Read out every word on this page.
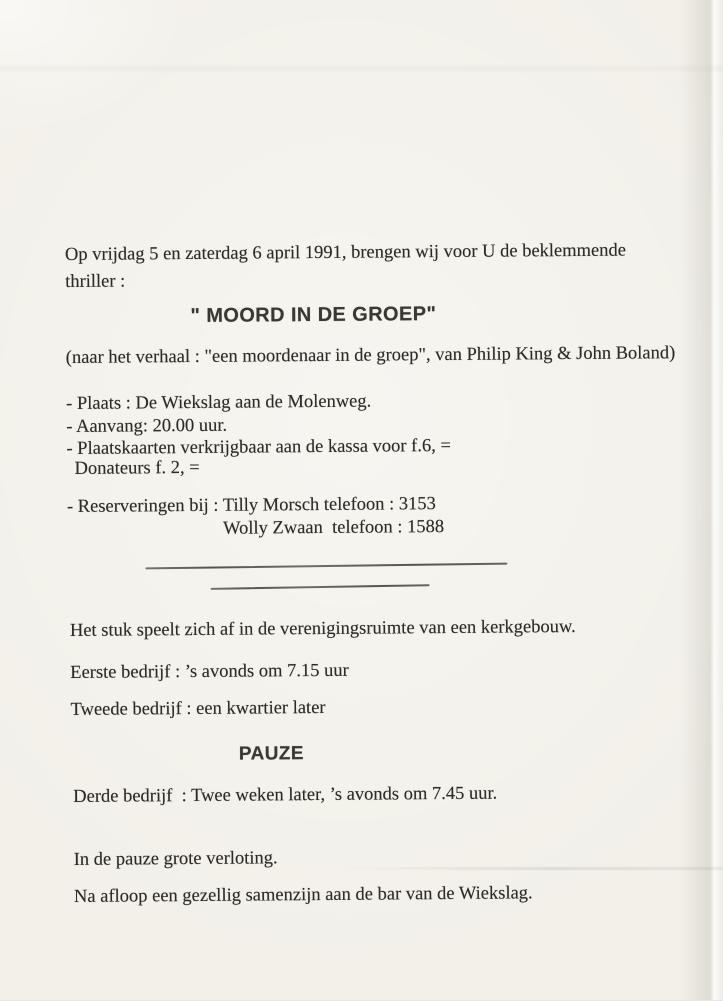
Op vrijdag 5 en zaterdag 6 april 1991, brengen wij voor U de beklemmende
thriller :
" MOORD IN DE GROEP"
(naar het verhaal : "een moordenaar in de groep", van Philip King & John Boland)
- Plaats : De Wiekslag aan de Molenweg.
- Aanvang: 20.00 uur.
- Plaatskaarten verkrijgbaar aan de kassa voor f.6, =
Donateurs f. 2, =
- Reserveringen bij : Tilly Morsch telefoon : 3153
Wolly Zwaan  telefoon : 1588
Het stuk speelt zich af in de verenigingsruimte van een kerkgebouw.
Eerste bedrijf : ’s avonds om 7.15 uur
Tweede bedrijf : een kwartier later
PAUZE
Derde bedrijf  : Twee weken later, ’s avonds om 7.45 uur.
In de pauze grote verloting.
Na afloop een gezellig samenzijn aan de bar van de Wiekslag.
